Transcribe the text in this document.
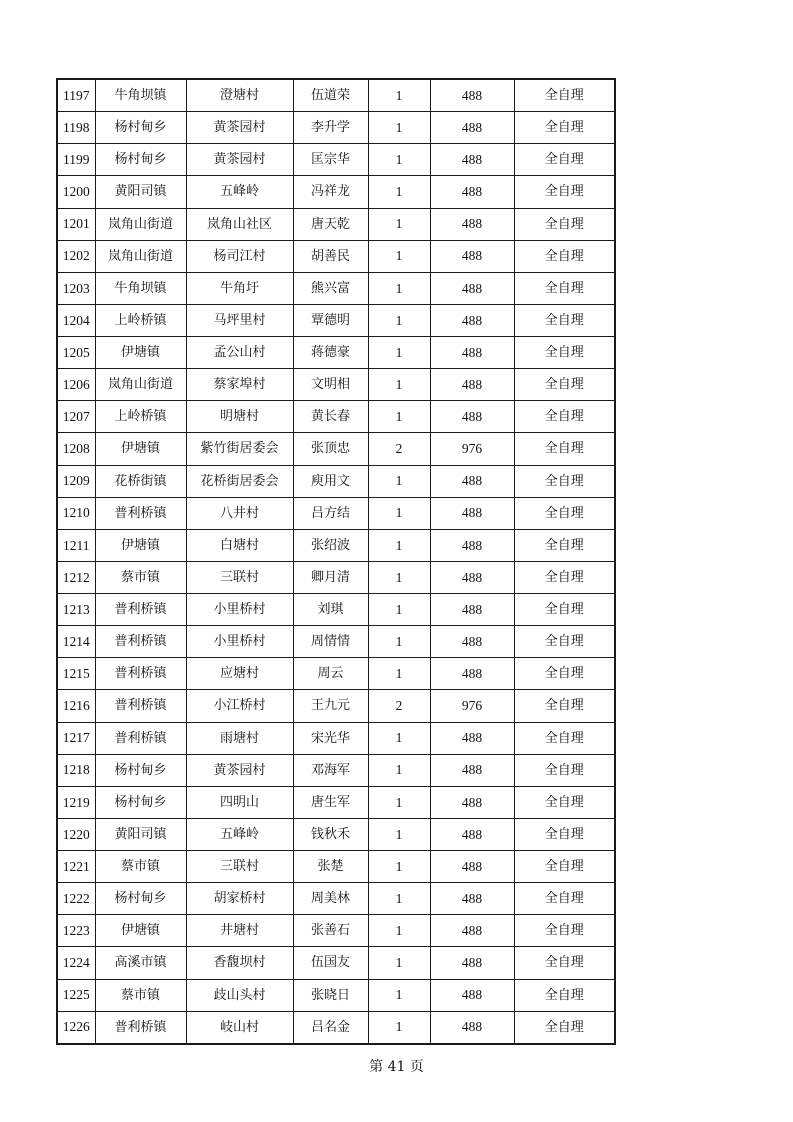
1197	牛角坝镇	澄塘村	伍道荣	1	488	全自理
1198	杨村甸乡	黄茶园村	李升学	1	488	全自理
1199	杨村甸乡	黄茶园村	匡宗华	1	488	全自理
1200	黄阳司镇	五峰岭	冯祥龙	1	488	全自理
1201	岚角山街道	岚角山社区	唐天乾	1	488	全自理
1202	岚角山街道	杨司江村	胡善民	1	488	全自理
1203	牛角坝镇	牛角圩	熊兴富	1	488	全自理
1204	上岭桥镇	马坪里村	覃德明	1	488	全自理
1205	伊塘镇	孟公山村	蒋德豪	1	488	全自理
1206	岚角山街道	蔡家埠村	文明相	1	488	全自理
1207	上岭桥镇	明塘村	黄长春	1	488	全自理
1208	伊塘镇	紫竹街居委会	张顶忠	2	976	全自理
1209	花桥街镇	花桥街居委会	庾用文	1	488	全自理
1210	普利桥镇	八井村	吕方结	1	488	全自理
1211	伊塘镇	白塘村	张绍波	1	488	全自理
1212	蔡市镇	三联村	卿月清	1	488	全自理
1213	普利桥镇	小里桥村	刘琪	1	488	全自理
1214	普利桥镇	小里桥村	周情情	1	488	全自理
1215	普利桥镇	应塘村	周云	1	488	全自理
1216	普利桥镇	小江桥村	王九元	2	976	全自理
1217	普利桥镇	雨塘村	宋光华	1	488	全自理
1218	杨村甸乡	黄茶园村	邓海军	1	488	全自理
1219	杨村甸乡	四明山	唐生军	1	488	全自理
1220	黄阳司镇	五峰岭	钱秋禾	1	488	全自理
1221	蔡市镇	三联村	张楚	1	488	全自理
1222	杨村甸乡	胡家桥村	周美林	1	488	全自理
1223	伊塘镇	井塘村	张善石	1	488	全自理
1224	高溪市镇	香馥坝村	伍国友	1	488	全自理
1225	蔡市镇	歧山头村	张晓日	1	488	全自理
1226	普利桥镇	岐山村	吕名金	1	488	全自理
第 41 页
